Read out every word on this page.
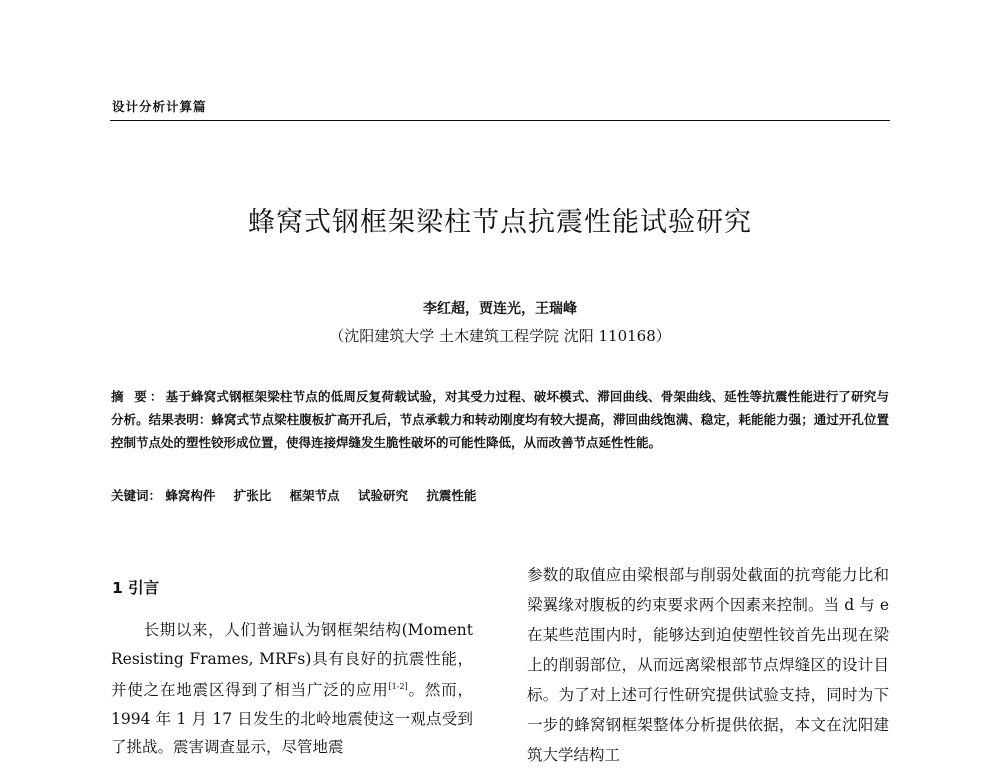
设计分析计算篇
蜂窝式钢框架梁柱节点抗震性能试验研究
李红超，贾连光，王瑞峰
（沈阳建筑大学 土木建筑工程学院 沈阳 110168）
摘 要：基于蜂窝式钢框架梁柱节点的低周反复荷载试验，对其受力过程、破坏模式、滞回曲线、骨架曲线、延性等抗震性能进行了研究与分析。结果表明：蜂窝式节点梁柱腹板扩高开孔后，节点承载力和转动刚度均有较大提高，滞回曲线饱满、稳定，耗能能力强；通过开孔位置控制节点处的塑性铰形成位置，使得连接焊缝发生脆性破坏的可能性降低，从而改善节点延性性能。
关键词： 蜂窝构件 扩张比 框架节点 试验研究 抗震性能
1 引言
长期以来，人们普遍认为钢框架结构(Moment Resisting Frames, MRFs)具有良好的抗震性能，并使之在地震区得到了相当广泛的应用[1-2]。然而，1994 年 1 月 17 日发生的北岭地震使这一观点受到了挑战。震害调查显示，尽管地震
参数的取值应由梁根部与削弱处截面的抗弯能力比和梁翼缘对腹板的约束要求两个因素来控制。当 d 与 e 在某些范围内时，能够达到迫使塑性铰首先出现在梁上的削弱部位，从而远离梁根部节点焊缝区的设计目标。为了对上述可行性研究提供试验支持，同时为下一步的蜂窝钢框架整体分析提供依据，本文在沈阳建筑大学结构工
